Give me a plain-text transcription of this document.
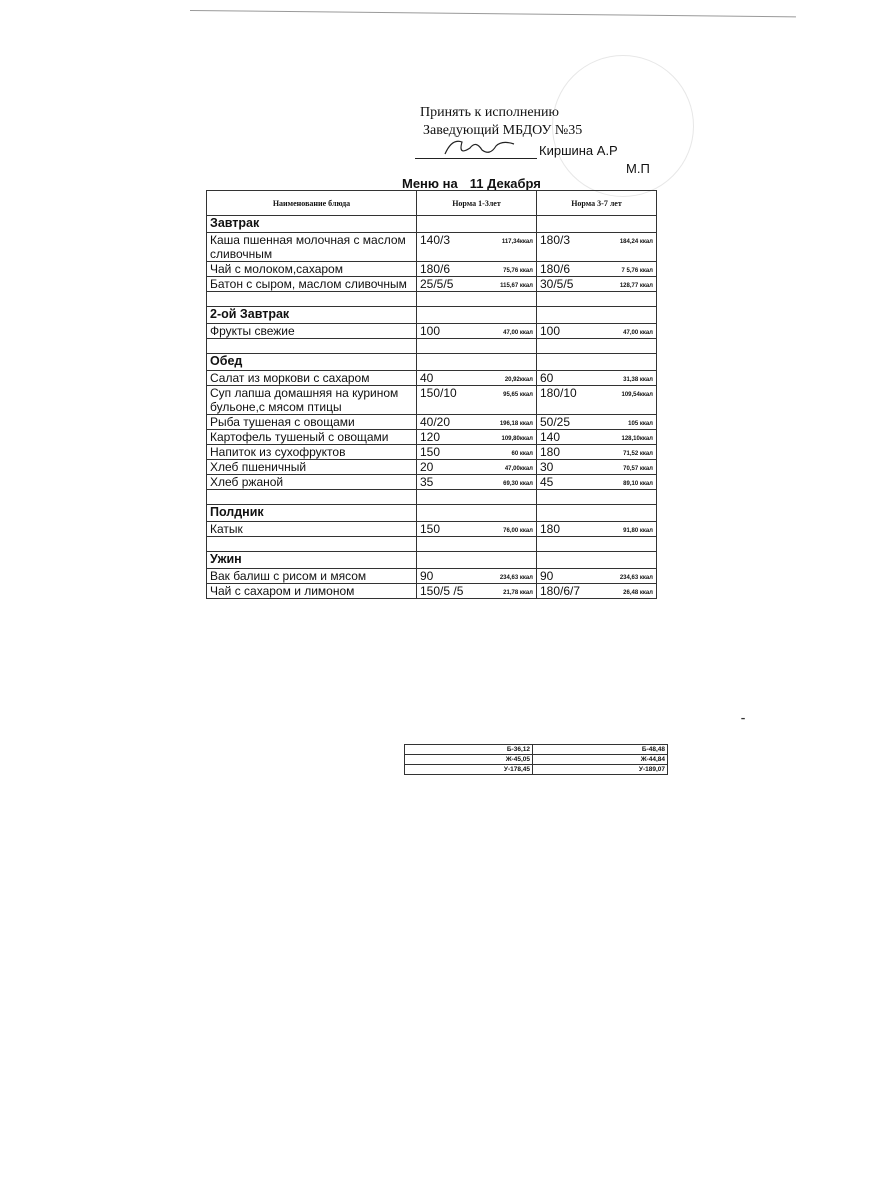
Принять к исполнению
Заведующий МБДОУ №35
Киршина А.Р
М.П
Меню на 11 Декабря
Наименование блюда	Норма 1-3лет	Норма 3-7 лет
Завтрак		
Каша пшенная молочная с маслом сливочным	140/3 117,34ккал	180/3 184,24 ккал

Чай с молоком,сахаром	180/6 75,76 ккал	180/6 7 5,76 ккал

Батон с сыром, маслом сливочным	25/5/5 115,67 ккал	30/5/5 128,77 ккал

2-ой Завтрак		
Фрукты свежие	100 47,00 ккал	100 47,00 ккал

Обед		
Салат из моркови с сахаром	40 20,92ккал	60 31,38 ккал

Суп лапша домашняя на курином бульоне,с мясом птицы	150/10 95,65 ккал	180/10 109,54ккал

Рыба тушеная с овощами	40/20 196,18 ккал	50/25 105 ккал

Картофель тушеный с овощами	120 109,80ккал	140 128,10ккал

Напиток из сухофруктов	150 60 ккал	180 71,52 ккал

Хлеб пшеничный	20 47,00ккал	30 70,57 ккал

Хлеб ржаной	35 69,30 ккал	45 89,10 ккал

Полдник		
Катык	150 76,00 ккал	180 91,80 ккал

Ужин		
Вак балиш с рисом и мясом	90 234,63 ккал	90 234,63 ккал

Чай с сахаром и лимоном	150/5 /5 21,78 ккал	180/6/7 26,48 ккал
Б-36,12	Б-48,48
Ж-45,05	Ж-44,84
У-178,45	У-189,07
⁃
